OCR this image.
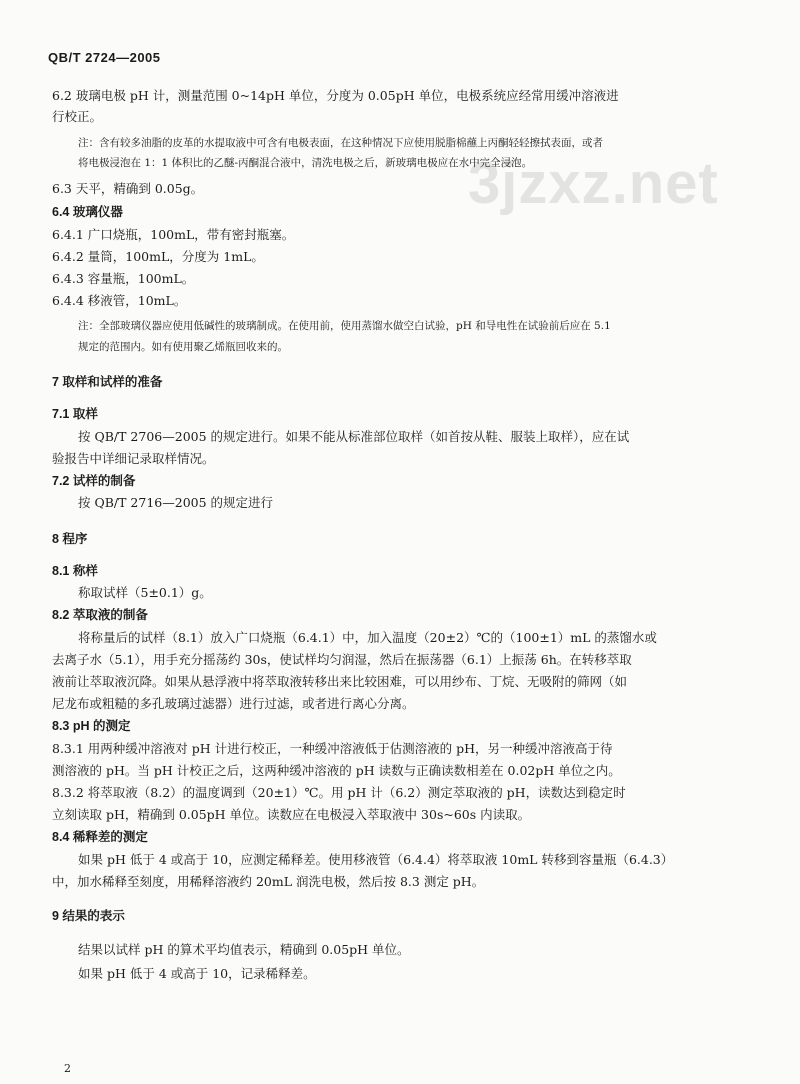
QB/T 2724—2005
3jzxz.net
6.2 玻璃电极 pH 计，测量范围 0~14pH 单位，分度为 0.05pH 单位，电极系统应经常用缓冲溶液进
行校正。
注：含有较多油脂的皮革的水提取液中可含有电极表面，在这种情况下应使用脱脂棉蘸上丙酮轻轻擦拭表面，或者
将电极浸泡在 1：1 体积比的乙醚-丙酮混合液中，清洗电极之后，新玻璃电极应在水中完全浸泡。
6.3 天平，精确到 0.05g。
6.4 玻璃仪器
6.4.1 广口烧瓶，100mL，带有密封瓶塞。
6.4.2 量筒，100mL，分度为 1mL。
6.4.3 容量瓶，100mL。
6.4.4 移液管，10mL。
注：全部玻璃仪器应使用低碱性的玻璃制成。在使用前，使用蒸馏水做空白试验，pH 和导电性在试验前后应在 5.1
规定的范围内。如有使用聚乙烯瓶回收来的。
7 取样和试样的准备
7.1 取样
按 QB/T 2706—2005 的规定进行。如果不能从标准部位取样（如首按从鞋、服装上取样），应在试
验报告中详细记录取样情况。
7.2 试样的制备
按 QB/T 2716—2005 的规定进行
8 程序
8.1 称样
称取试样（5±0.1）g。
8.2 萃取液的制备
将称量后的试样（8.1）放入广口烧瓶（6.4.1）中，加入温度（20±2）℃的（100±1）mL 的蒸馏水或
去离子水（5.1），用手充分摇荡约 30s，使试样均匀润湿，然后在振荡器（6.1）上振荡 6h。在转移萃取
液前让萃取液沉降。如果从悬浮液中将萃取液转移出来比较困难，可以用纱布、丁烷、无吸附的筛网（如
尼龙布或粗糙的多孔玻璃过滤器）进行过滤，或者进行离心分离。
8.3 pH 的测定
8.3.1 用两种缓冲溶液对 pH 计进行校正，一种缓冲溶液低于估测溶液的 pH，另一种缓冲溶液高于待
测溶液的 pH。当 pH 计校正之后，这两种缓冲溶液的 pH 读数与正确读数相差在 0.02pH 单位之内。
8.3.2 将萃取液（8.2）的温度调到（20±1）℃。用 pH 计（6.2）测定萃取液的 pH，读数达到稳定时
立刻读取 pH，精确到 0.05pH 单位。读数应在电极浸入萃取液中 30s~60s 内读取。
8.4 稀释差的测定
如果 pH 低于 4 或高于 10，应测定稀释差。使用移液管（6.4.4）将萃取液 10mL 转移到容量瓶（6.4.3）
中，加水稀释至刻度，用稀释溶液约 20mL 润洗电极，然后按 8.3 测定 pH。
9 结果的表示
结果以试样 pH 的算术平均值表示，精确到 0.05pH 单位。
如果 pH 低于 4 或高于 10，记录稀释差。
2
